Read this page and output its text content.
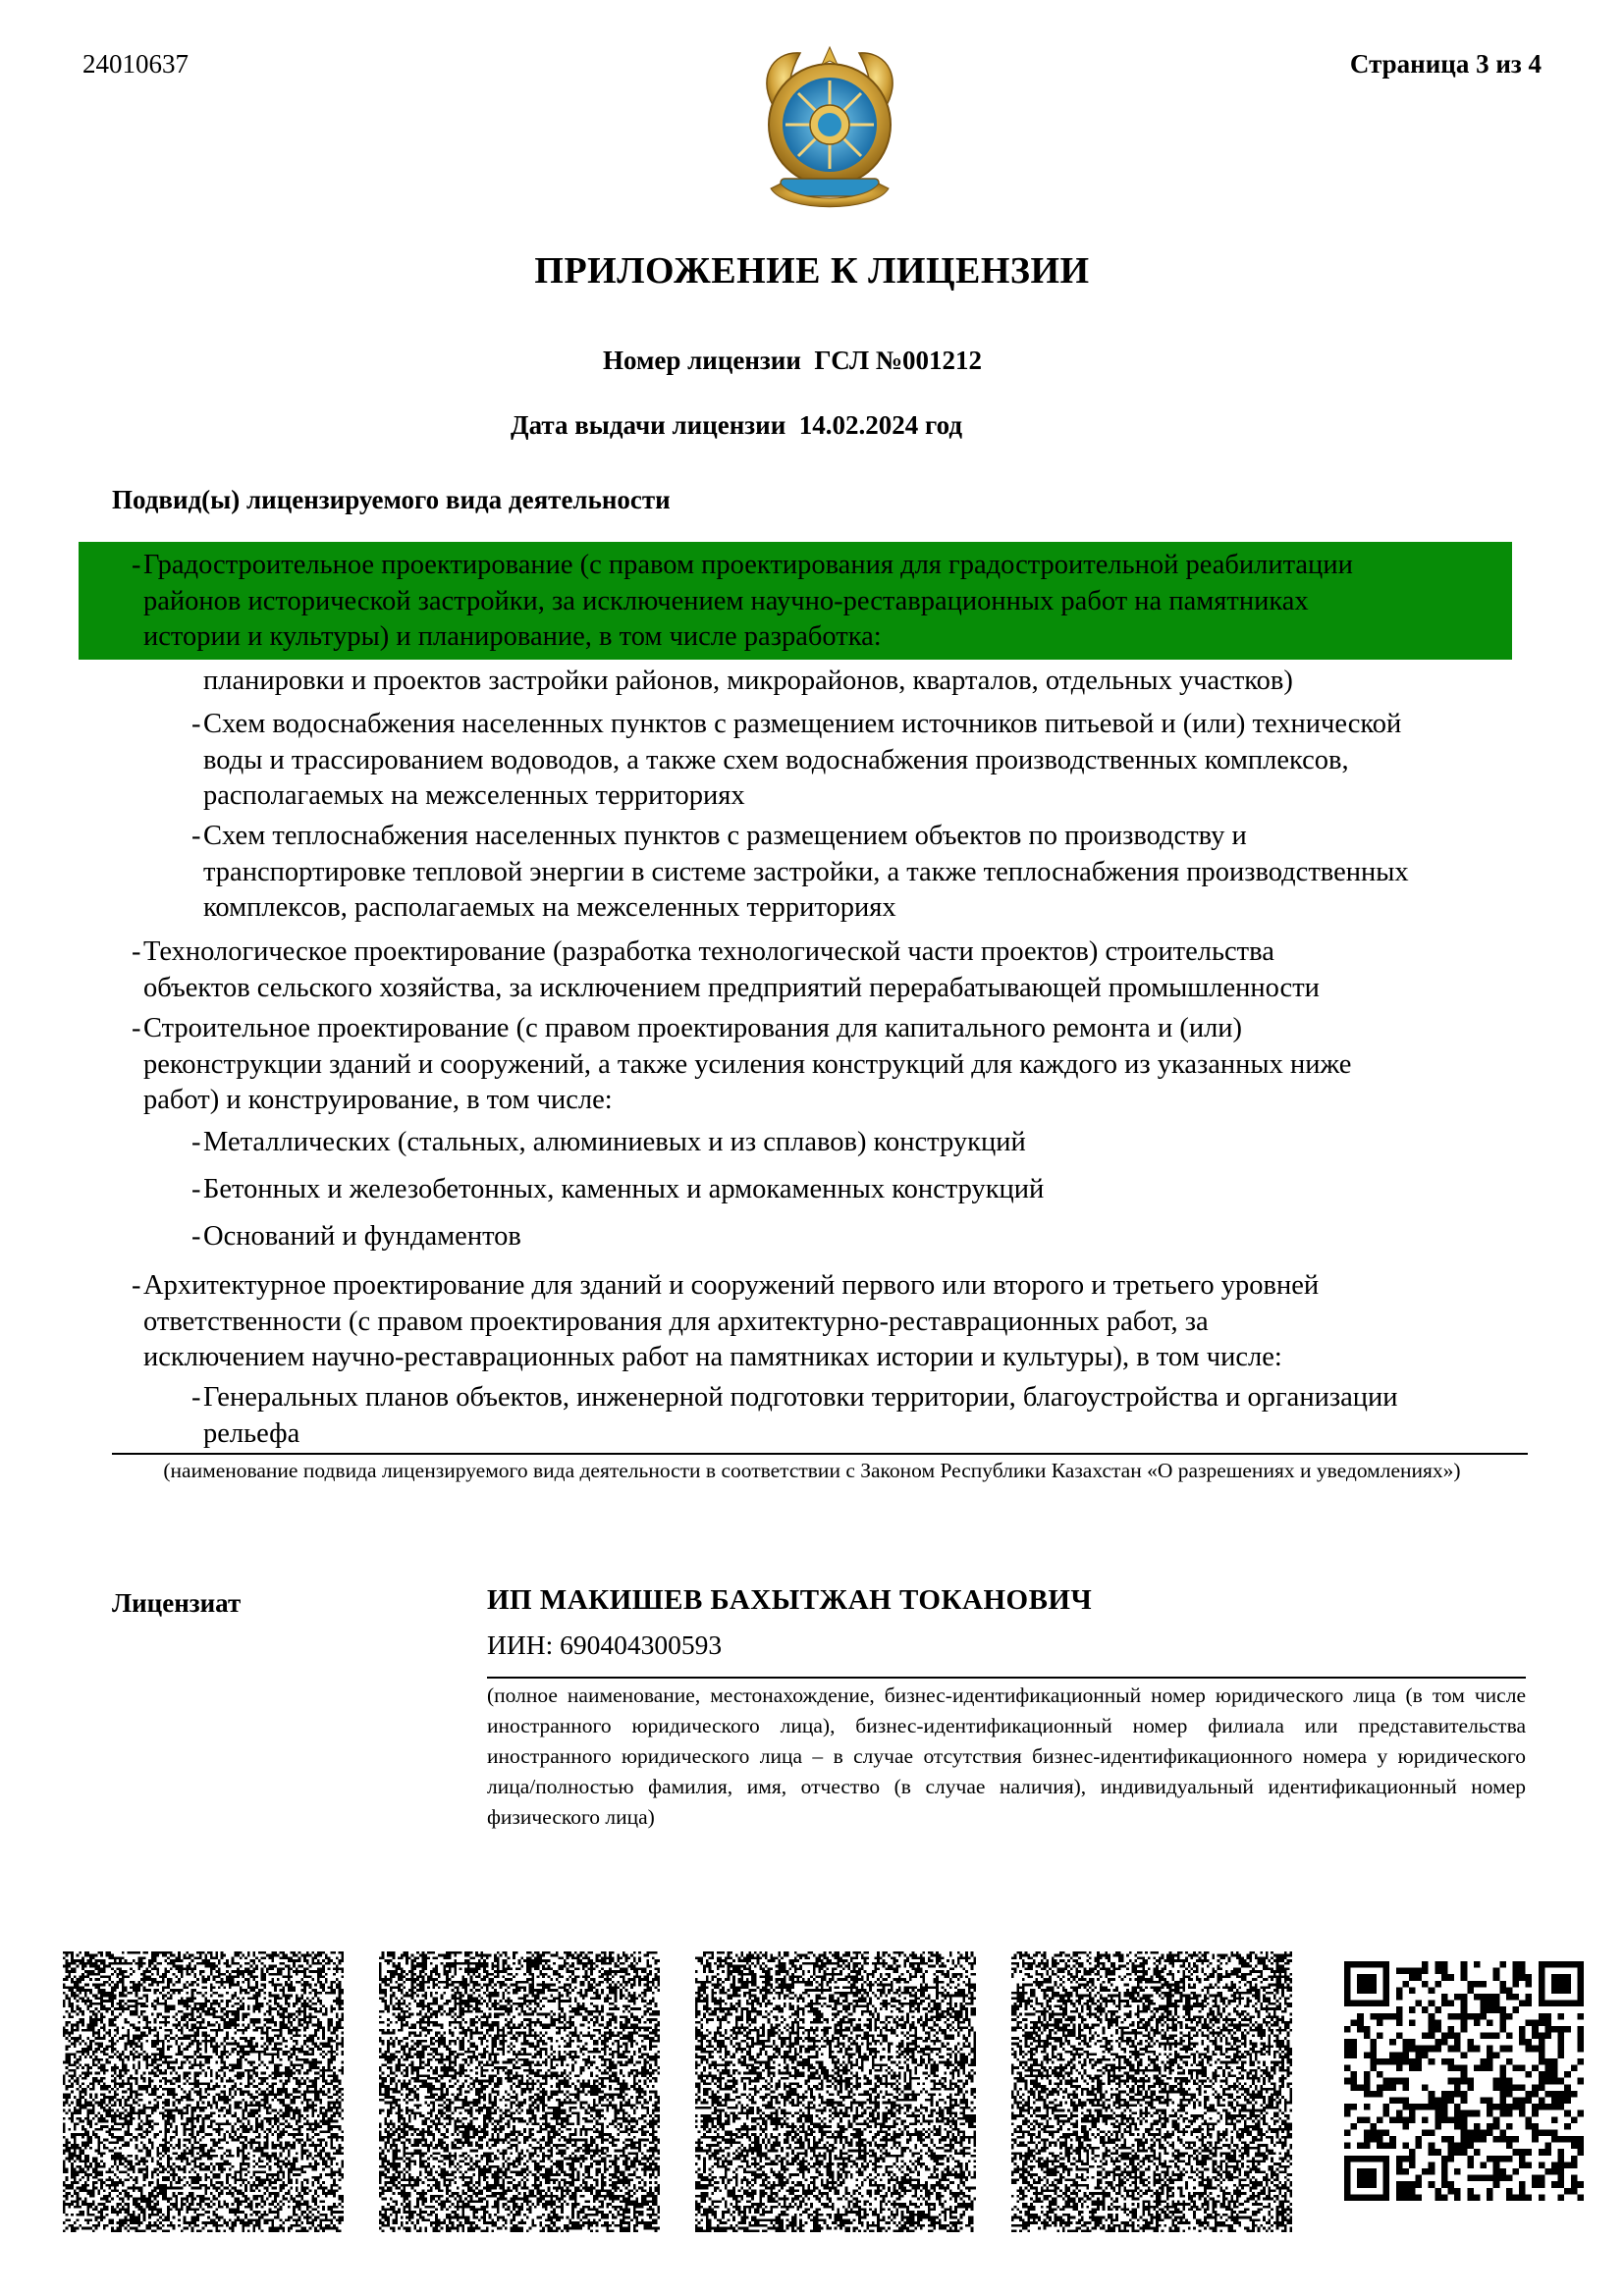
24010637	Страница 3 из 4
ПРИЛОЖЕНИЕ К ЛИЦЕНЗИИ
Номер лицензии ГСЛ №001212
Дата выдачи лицензии 14.02.2024 год
Подвид(ы) лицензируемого вида деятельности
- Градостроительное проектирование (с правом проектирования для градостроительной реабилитации
районов исторической застройки, за исключением научно-реставрационных работ на памятниках
истории и культуры) и планирование, в том числе разработка:
планировки и проектов застройки районов, микрорайонов, кварталов, отдельных участков)
- Схем водоснабжения населенных пунктов с размещением источников питьевой и (или) технической
воды и трассированием водоводов, а также схем водоснабжения производственных комплексов,
располагаемых на межселенных территориях
- Схем теплоснабжения населенных пунктов с размещением объектов по производству и
транспортировке тепловой энергии в системе застройки, а также теплоснабжения производственных
комплексов, располагаемых на межселенных территориях
- Технологическое проектирование (разработка технологической части проектов) строительства
объектов сельского хозяйства, за исключением предприятий перерабатывающей промышленности
- Строительное проектирование (с правом проектирования для капитального ремонта и (или)
реконструкции зданий и сооружений, а также усиления конструкций для каждого из указанных ниже
работ) и конструирование, в том числе:
- Металлических (стальных, алюминиевых и из сплавов) конструкций
- Бетонных и железобетонных, каменных и армокаменных конструкций
- Оснований и фундаментов
- Архитектурное проектирование для зданий и сооружений первого или второго и третьего уровней
ответственности (с правом проектирования для архитектурно-реставрационных работ, за
исключением научно-реставрационных работ на памятниках истории и культуры), в том числе:
- Генеральных планов объектов, инженерной подготовки территории, благоустройства и организации
рельефа
(наименование подвида лицензируемого вида деятельности в соответствии с Законом Республики Казахстан «О разрешениях и уведомлениях»)
Лицензиат	ИП МАКИШЕВ БАХЫТЖАН ТОКАНОВИЧ
ИИН: 690404300593
(полное наименование, местонахождение, бизнес-идентификационный номер юридического лица (в том числе иностранного юридического лица), бизнес-идентификационный номер филиала или представительства иностранного юридического лица – в случае отсутствия бизнес-идентификационного номера у юридического лица/полностью фамилия, имя, отчество (в случае наличия), индивидуальный идентификационный номер физического лица)
